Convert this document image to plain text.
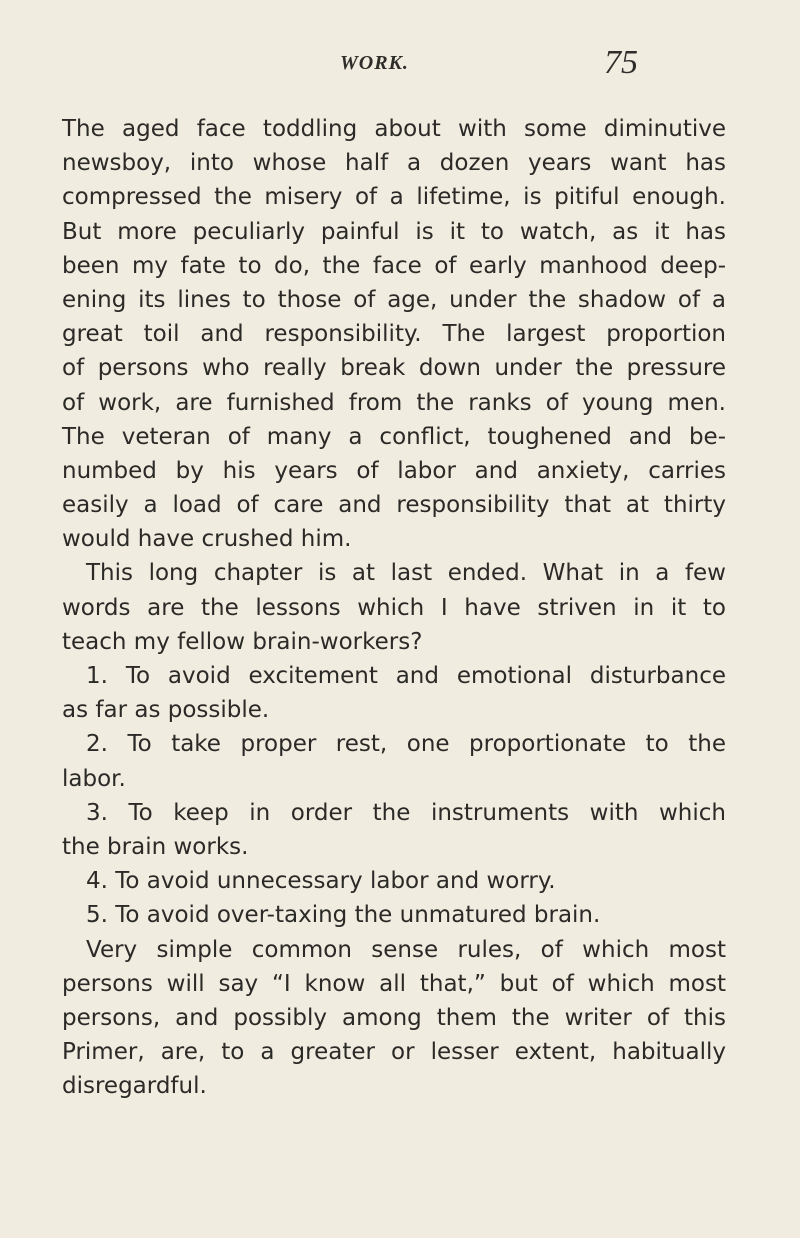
WORK.	75
The aged face toddling about with some diminutive
newsboy, into whose half a dozen years want has
compressed the misery of a lifetime, is pitiful enough.
But more peculiarly painful is it to watch, as it has
been my fate to do, the face of early manhood deep-
ening its lines to those of age, under the shadow of a
great toil and responsibility. The largest proportion
of persons who really break down under the pressure
of work, are furnished from the ranks of young men.
The veteran of many a conflict, toughened and be-
numbed by his years of labor and anxiety, carries
easily a load of care and responsibility that at thirty
would have crushed him.
This long chapter is at last ended. What in a few
words are the lessons which I have striven in it to
teach my fellow brain-workers?
1. To avoid excitement and emotional disturbance
as far as possible.
2. To take proper rest, one proportionate to the
labor.
3. To keep in order the instruments with which
the brain works.
4. To avoid unnecessary labor and worry.
5. To avoid over-taxing the unmatured brain.
Very simple common sense rules, of which most
persons will say “I know all that,” but of which most
persons, and possibly among them the writer of this
Primer, are, to a greater or lesser extent, habitually
disregardful.
